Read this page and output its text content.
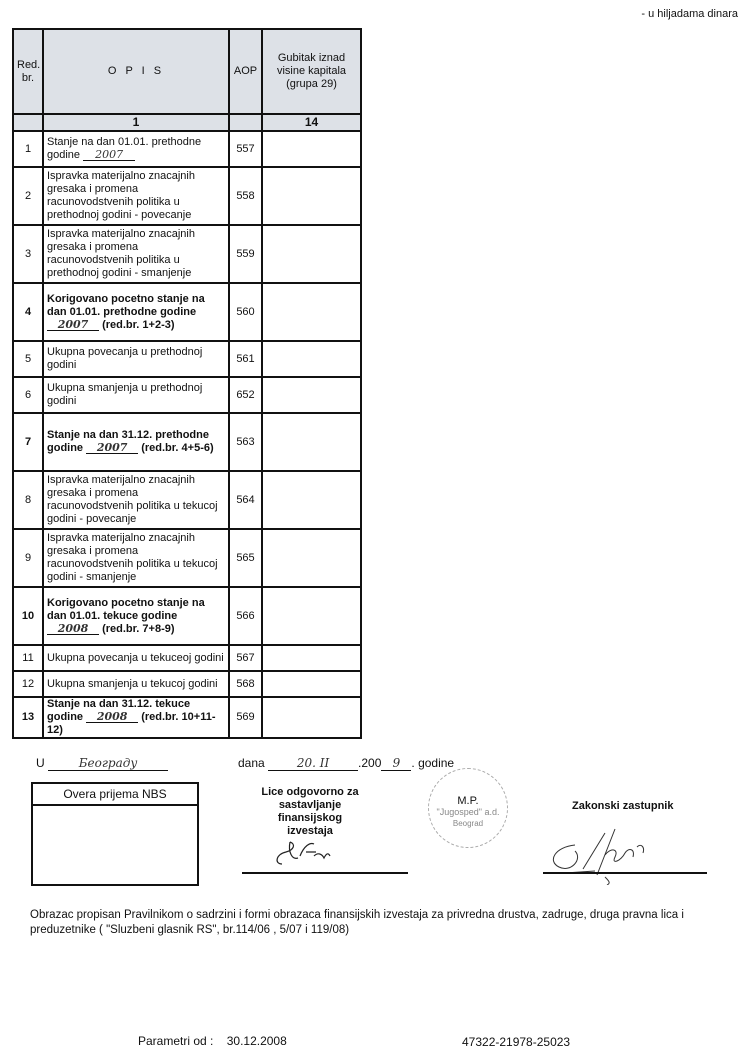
- u hiljadama dinara
Red. br.	O P I S	AOP	Gubitak iznad visine kapitala (grupa 29)
	1		14
1	Stanje na dan 01.01. prethodne godine 2007	557	
2	Ispravka materijalno znacajnih gresaka i promena racunovodstvenih politika u prethodnoj godini - povecanje	558	
3	Ispravka materijalno znacajnih gresaka i promena racunovodstvenih politika u prethodnoj godini - smanjenje	559	
4	Korigovano pocetno stanje na dan 01.01. prethodne godine 2007 (red.br. 1+2-3)	560	
5	Ukupna povecanja u prethodnoj godini	561	
6	Ukupna smanjenja u prethodnoj godini	652	
7	Stanje na dan 31.12. prethodne godine 2007 (red.br. 4+5-6)	563	
8	Ispravka materijalno znacajnih gresaka i promena racunovodstvenih politika u tekucoj godini - povecanje	564	
9	Ispravka materijalno znacajnih gresaka i promena racunovodstvenih politika u tekucoj godini - smanjenje	565	
10	Korigovano pocetno stanje na dan 01.01. tekuce godine 2008 (red.br. 7+8-9)	566	
11	Ukupna povecanja u tekuceoj godini	567	
12	Ukupna smanjenja u tekucoj godini	568	
13	Stanje na dan 31.12. tekuce godine 2008 (red.br. 10+11-12)	569	
U	Београду	dana	20. II .200 9 . godine
Overa prijema NBS	Lice odgovorno za sastavljanje finansijskog izvestaja
M.P.
"Jugosped" a.d.
Beograd
Zakonski zastupnik
Obrazac propisan Pravilnikom o sadrzini i formi obrazaca finansijskih izvestaja za privredna drustva, zadruge, druga pravna lica i preduzetnike ( "Sluzbeni glasnik RS", br.114/06 , 5/07 i 119/08)
Parametri od : 30.12.2008	47322-21978-25023
